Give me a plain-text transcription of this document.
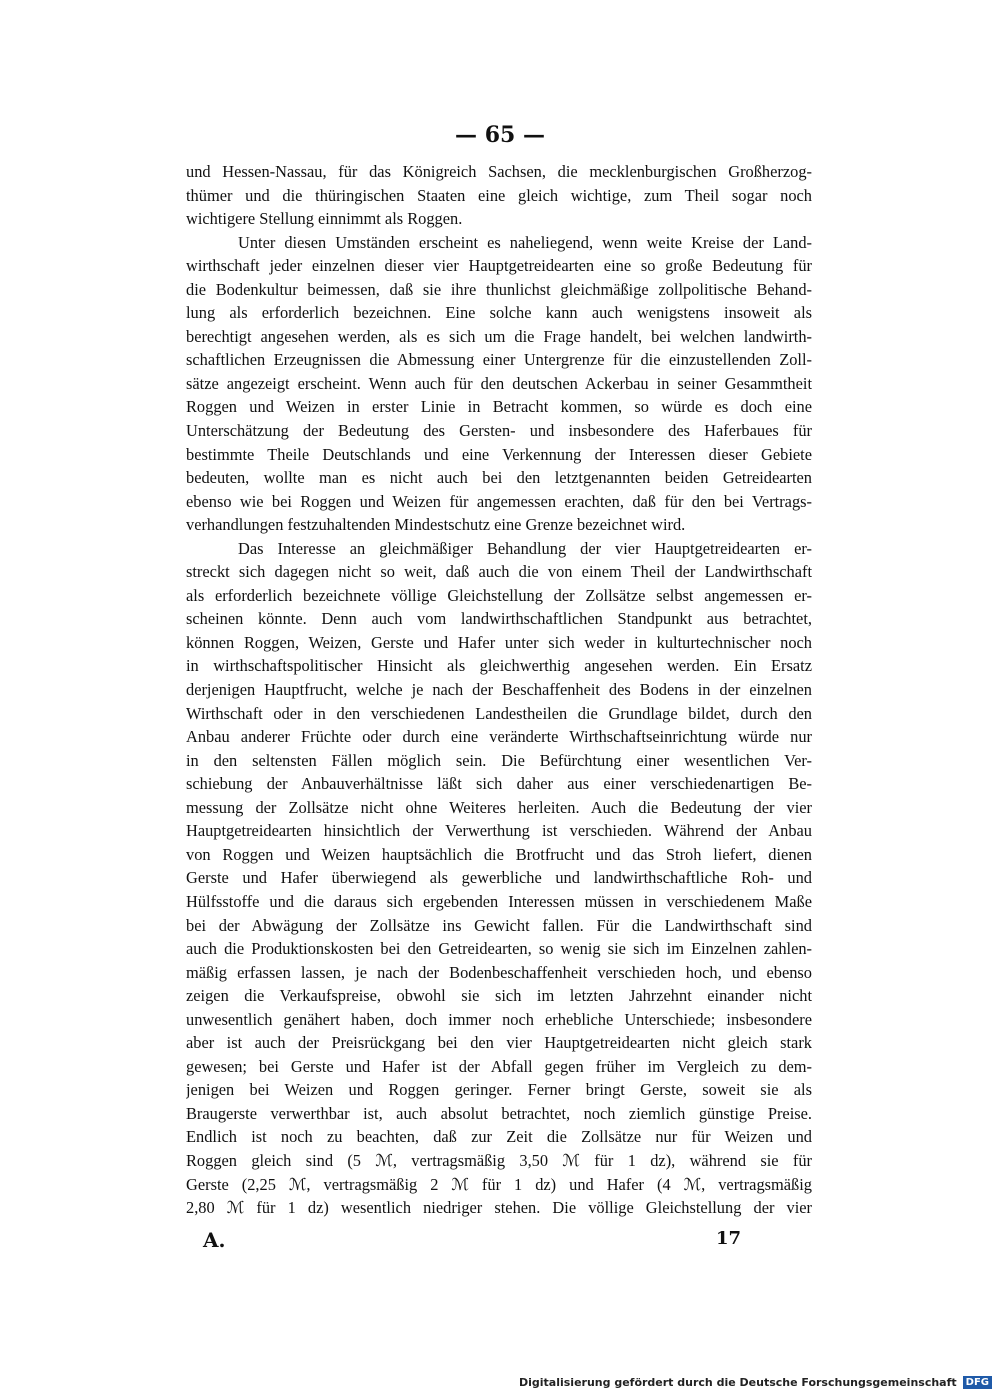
— 65 —
und Hessen-Nassau, für das Königreich Sachsen, die mecklenburgischen Großherzog-
thümer und die thüringischen Staaten eine gleich wichtige, zum Theil sogar noch
wichtigere Stellung einnimmt als Roggen.
Unter diesen Umständen erscheint es naheliegend, wenn weite Kreise der Land-
wirthschaft jeder einzelnen dieser vier Hauptgetreidearten eine so große Bedeutung für
die Bodenkultur beimessen, daß sie ihre thunlichst gleichmäßige zollpolitische Behand-
lung als erforderlich bezeichnen. Eine solche kann auch wenigstens insoweit als
berechtigt angesehen werden, als es sich um die Frage handelt, bei welchen landwirth-
schaftlichen Erzeugnissen die Abmessung einer Untergrenze für die einzustellenden Zoll-
sätze angezeigt erscheint. Wenn auch für den deutschen Ackerbau in seiner Gesammtheit
Roggen und Weizen in erster Linie in Betracht kommen, so würde es doch eine
Unterschätzung der Bedeutung des Gersten- und insbesondere des Haferbaues für
bestimmte Theile Deutschlands und eine Verkennung der Interessen dieser Gebiete
bedeuten, wollte man es nicht auch bei den letztgenannten beiden Getreidearten
ebenso wie bei Roggen und Weizen für angemessen erachten, daß für den bei Vertrags-
verhandlungen festzuhaltenden Mindestschutz eine Grenze bezeichnet wird.
Das Interesse an gleichmäßiger Behandlung der vier Hauptgetreidearten er-
streckt sich dagegen nicht so weit, daß auch die von einem Theil der Landwirthschaft
als erforderlich bezeichnete völlige Gleichstellung der Zollsätze selbst angemessen er-
scheinen könnte. Denn auch vom landwirthschaftlichen Standpunkt aus betrachtet,
können Roggen, Weizen, Gerste und Hafer unter sich weder in kulturtechnischer noch
in wirthschaftspolitischer Hinsicht als gleichwerthig angesehen werden. Ein Ersatz
derjenigen Hauptfrucht, welche je nach der Beschaffenheit des Bodens in der einzelnen
Wirthschaft oder in den verschiedenen Landestheilen die Grundlage bildet, durch den
Anbau anderer Früchte oder durch eine veränderte Wirthschaftseinrichtung würde nur
in den seltensten Fällen möglich sein. Die Befürchtung einer wesentlichen Ver-
schiebung der Anbauverhältnisse läßt sich daher aus einer verschiedenartigen Be-
messung der Zollsätze nicht ohne Weiteres herleiten. Auch die Bedeutung der vier
Hauptgetreidearten hinsichtlich der Verwerthung ist verschieden. Während der Anbau
von Roggen und Weizen hauptsächlich die Brotfrucht und das Stroh liefert, dienen
Gerste und Hafer überwiegend als gewerbliche und landwirthschaftliche Roh- und
Hülfsstoffe und die daraus sich ergebenden Interessen müssen in verschiedenem Maße
bei der Abwägung der Zollsätze ins Gewicht fallen. Für die Landwirthschaft sind
auch die Produktionskosten bei den Getreidearten, so wenig sie sich im Einzelnen zahlen-
mäßig erfassen lassen, je nach der Bodenbeschaffenheit verschieden hoch, und ebenso
zeigen die Verkaufspreise, obwohl sie sich im letzten Jahrzehnt einander nicht
unwesentlich genähert haben, doch immer noch erhebliche Unterschiede; insbesondere
aber ist auch der Preisrückgang bei den vier Hauptgetreidearten nicht gleich stark
gewesen; bei Gerste und Hafer ist der Abfall gegen früher im Vergleich zu dem-
jenigen bei Weizen und Roggen geringer. Ferner bringt Gerste, soweit sie als
Braugerste verwerthbar ist, auch absolut betrachtet, noch ziemlich günstige Preise.
Endlich ist noch zu beachten, daß zur Zeit die Zollsätze nur für Weizen und
Roggen gleich sind (5 ℳ, vertragsmäßig 3,50 ℳ für 1 dz), während sie für
Gerste (2,25 ℳ, vertragsmäßig 2 ℳ für 1 dz) und Hafer (4 ℳ, vertragsmäßig
2,80 ℳ für 1 dz) wesentlich niedriger stehen. Die völlige Gleichstellung der vier
A.	17
Digitalisierung gefördert durch die Deutsche Forschungsgemeinschaft DFG
